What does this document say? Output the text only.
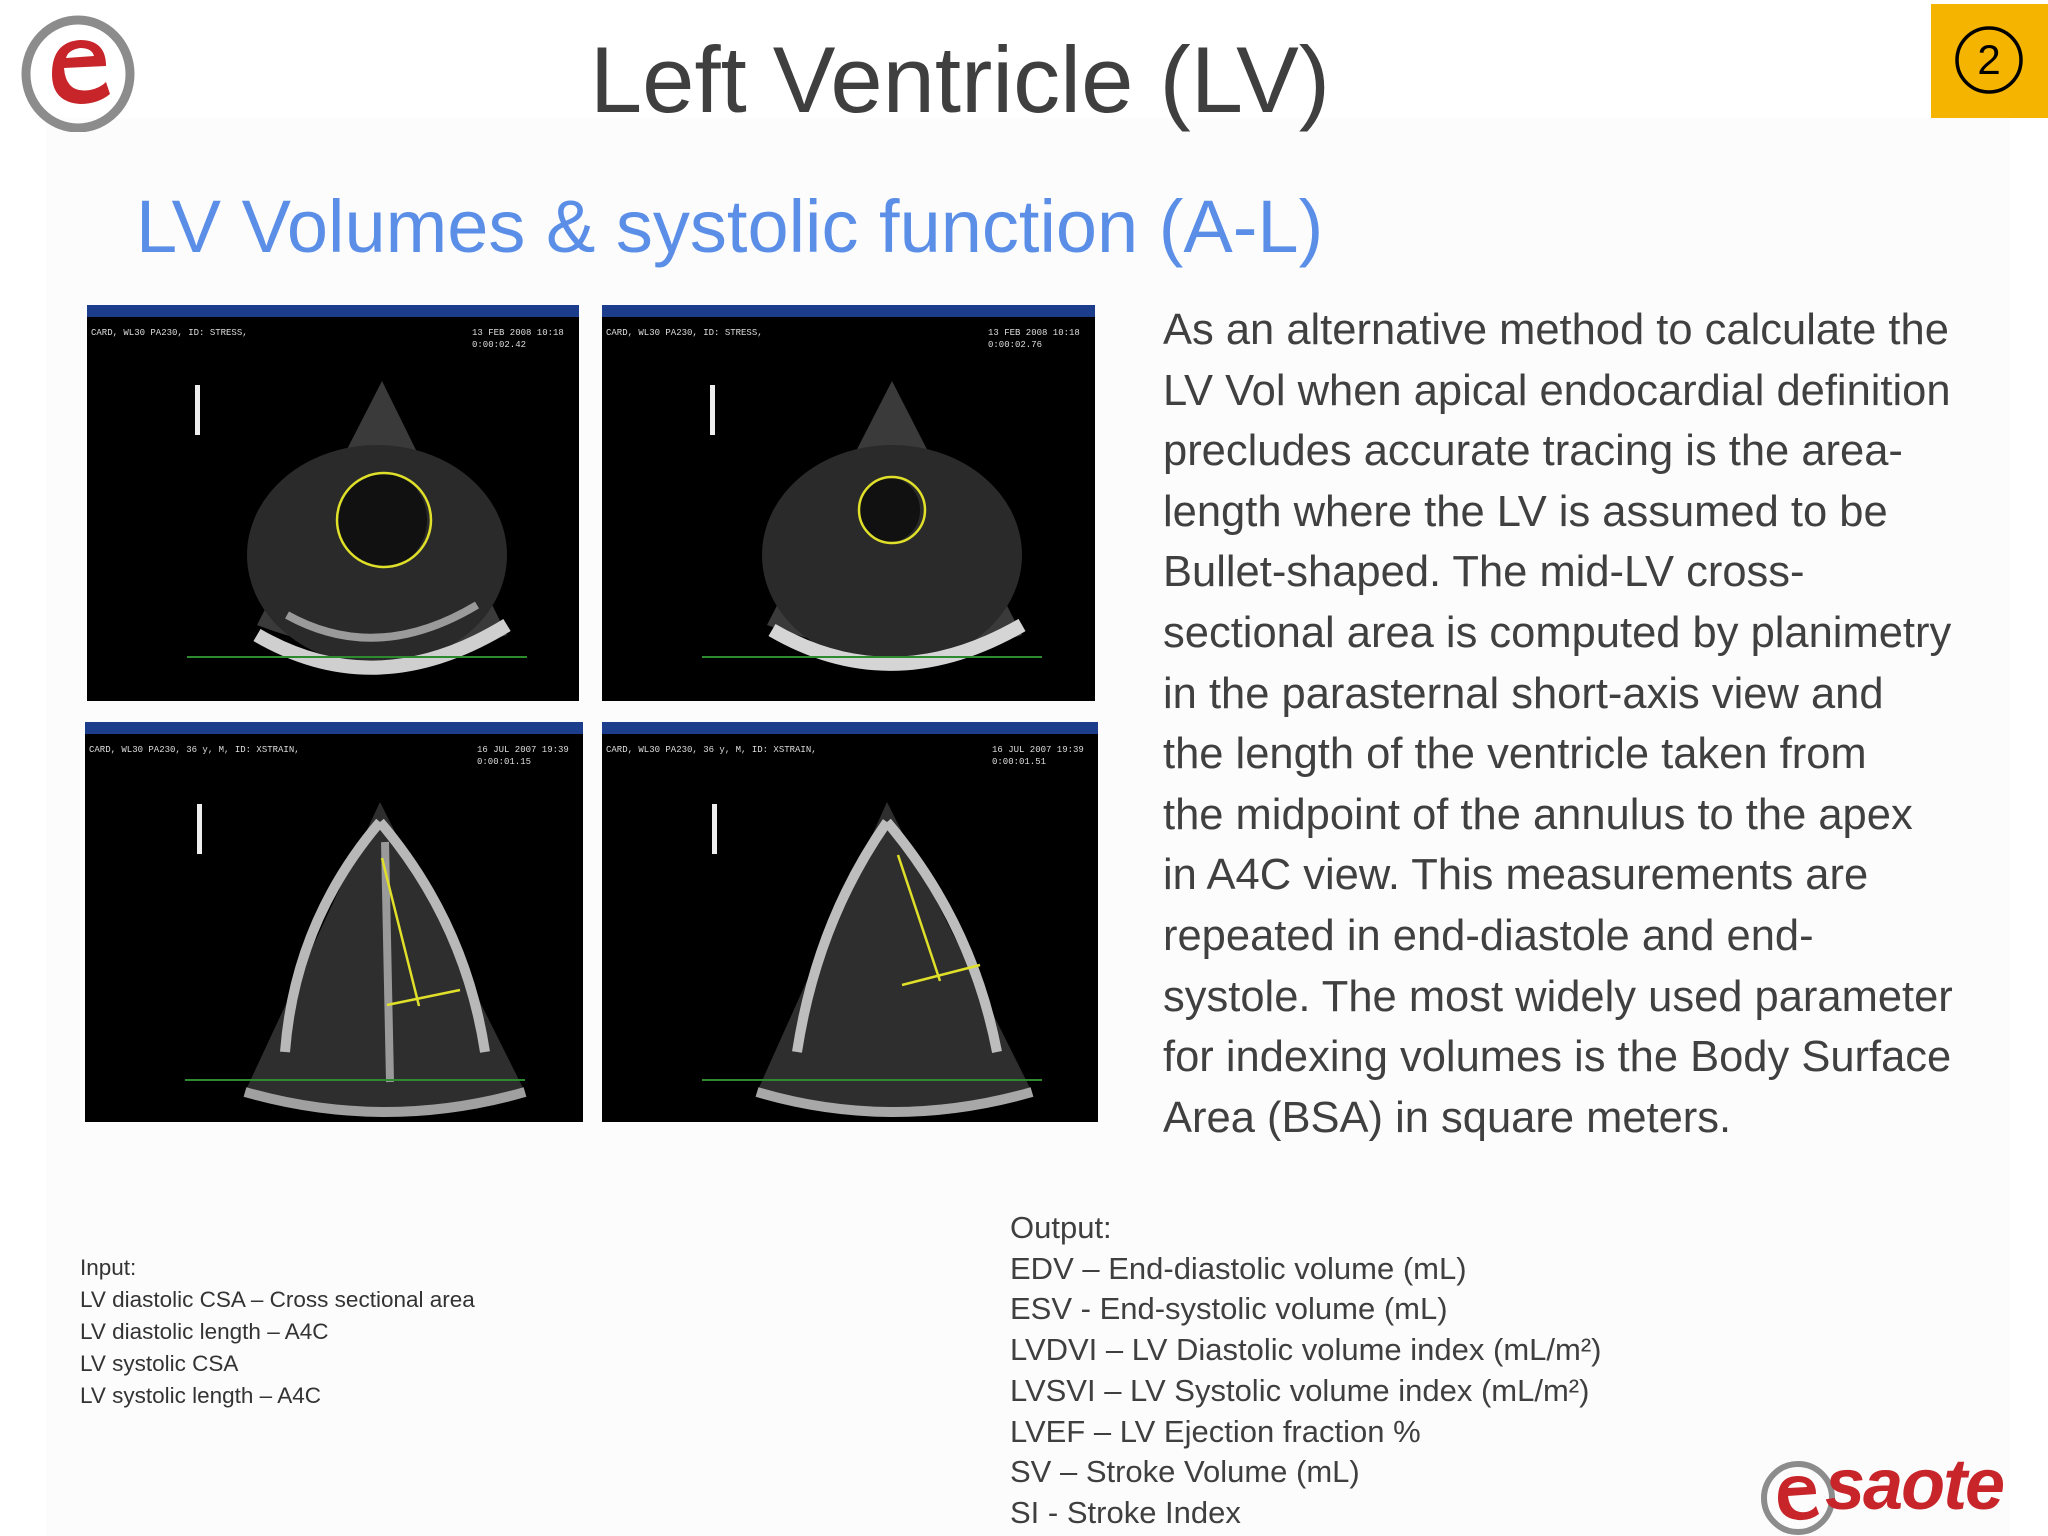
Left Ventricle (LV)	2
LV Volumes & systolic function (A-L)
CARD, WL30 PA230, ID: STRESS,	13 FEB 2008 10:18
0:00:02.42
CARD, WL30 PA230, ID: STRESS,	13 FEB 2008 10:18
0:00:02.76
CARD, WL30 PA230, 36 y, M, ID: XSTRAIN,	16 JUL 2007 19:39
0:00:01.15
CARD, WL30 PA230, 36 y, M, ID: XSTRAIN,	16 JUL 2007 19:39
0:00:01.51
As an alternative method to calculate the
LV Vol when apical endocardial definition
precludes accurate tracing is the area-
length where the LV is assumed to be
Bullet-shaped. The mid-LV cross-
sectional area is computed by planimetry
in the parasternal short-axis view and
the length of the ventricle taken from
the midpoint of the annulus to the apex
in A4C view. This measurements are
repeated in end-diastole and end-
systole. The most widely used parameter
for indexing volumes is the Body Surface
Area (BSA) in square meters.
Input:
LV diastolic CSA – Cross sectional area
LV diastolic length – A4C
LV systolic CSA
LV systolic length – A4C
Output:
EDV – End-diastolic volume (mL)
ESV - End-systolic volume (mL)
LVDVI – LV Diastolic volume index (mL/m²)
LVSVI – LV Systolic volume index (mL/m²)
LVEF – LV Ejection fraction %
SV – Stroke Volume (mL)
SI - Stroke Index	saote
